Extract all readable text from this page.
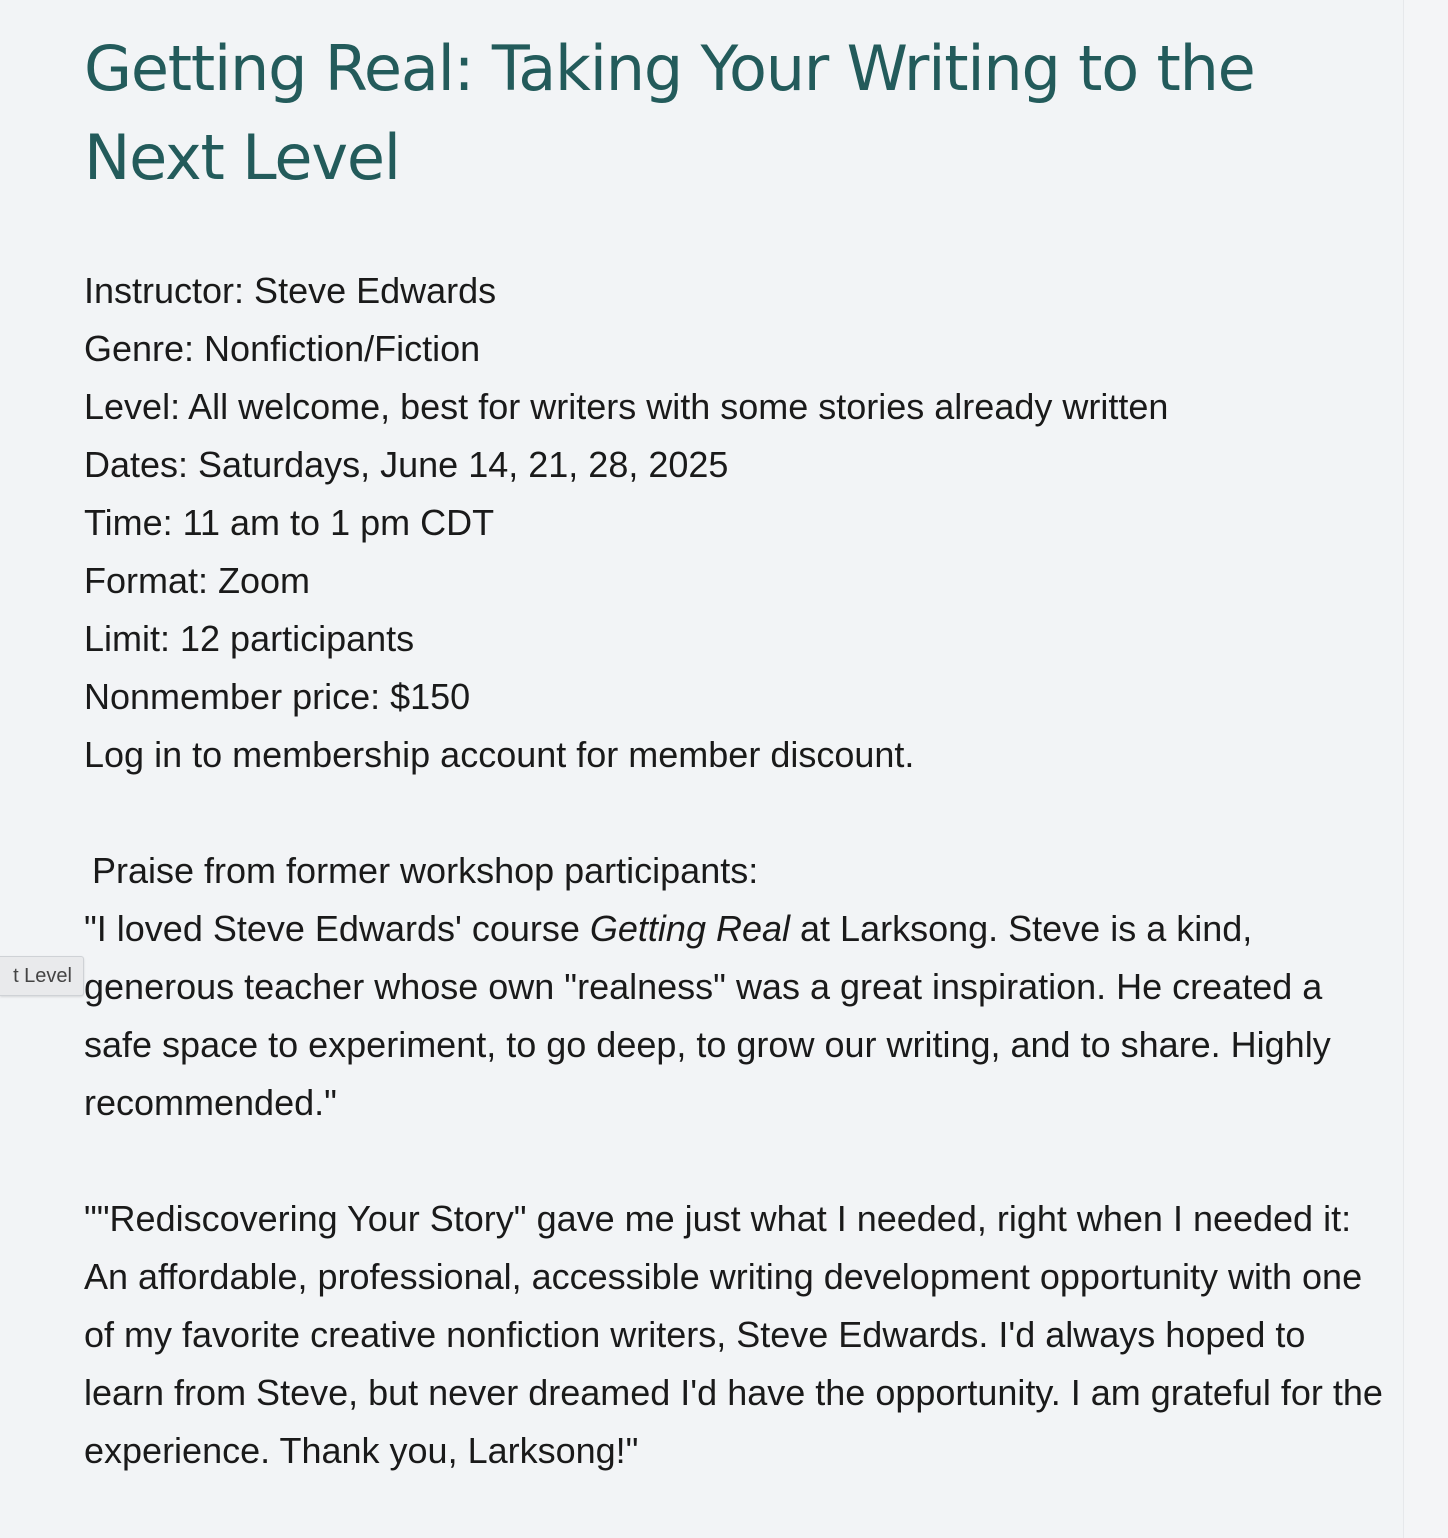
Getting Real: Taking Your Writing to the Next Level
Instructor: Steve Edwards
Genre: Nonfiction/Fiction
Level: All welcome, best for writers with some stories already written
Dates: Saturdays, June 14, 21, 28, 2025
Time: 11 am to 1 pm CDT
Format: Zoom
Limit: 12 participants
Nonmember price: $150
Log in to membership account for member discount.
Praise from former workshop participants:

"I loved Steve Edwards' course Getting Real at Larksong. Steve is a kind, generous teacher whose own "realness" was a great inspiration. He created a safe space to experiment, to go deep, to grow our writing, and to share. Highly recommended."

""Rediscovering Your Story" gave me just what I needed, right when I needed it: An affordable, professional, accessible writing development opportunity with one of my favorite creative nonfiction writers, Steve Edwards. I'd always hoped to learn from Steve, but never dreamed I'd have the opportunity. I am grateful for the experience. Thank you, Larksong!"

t Level
